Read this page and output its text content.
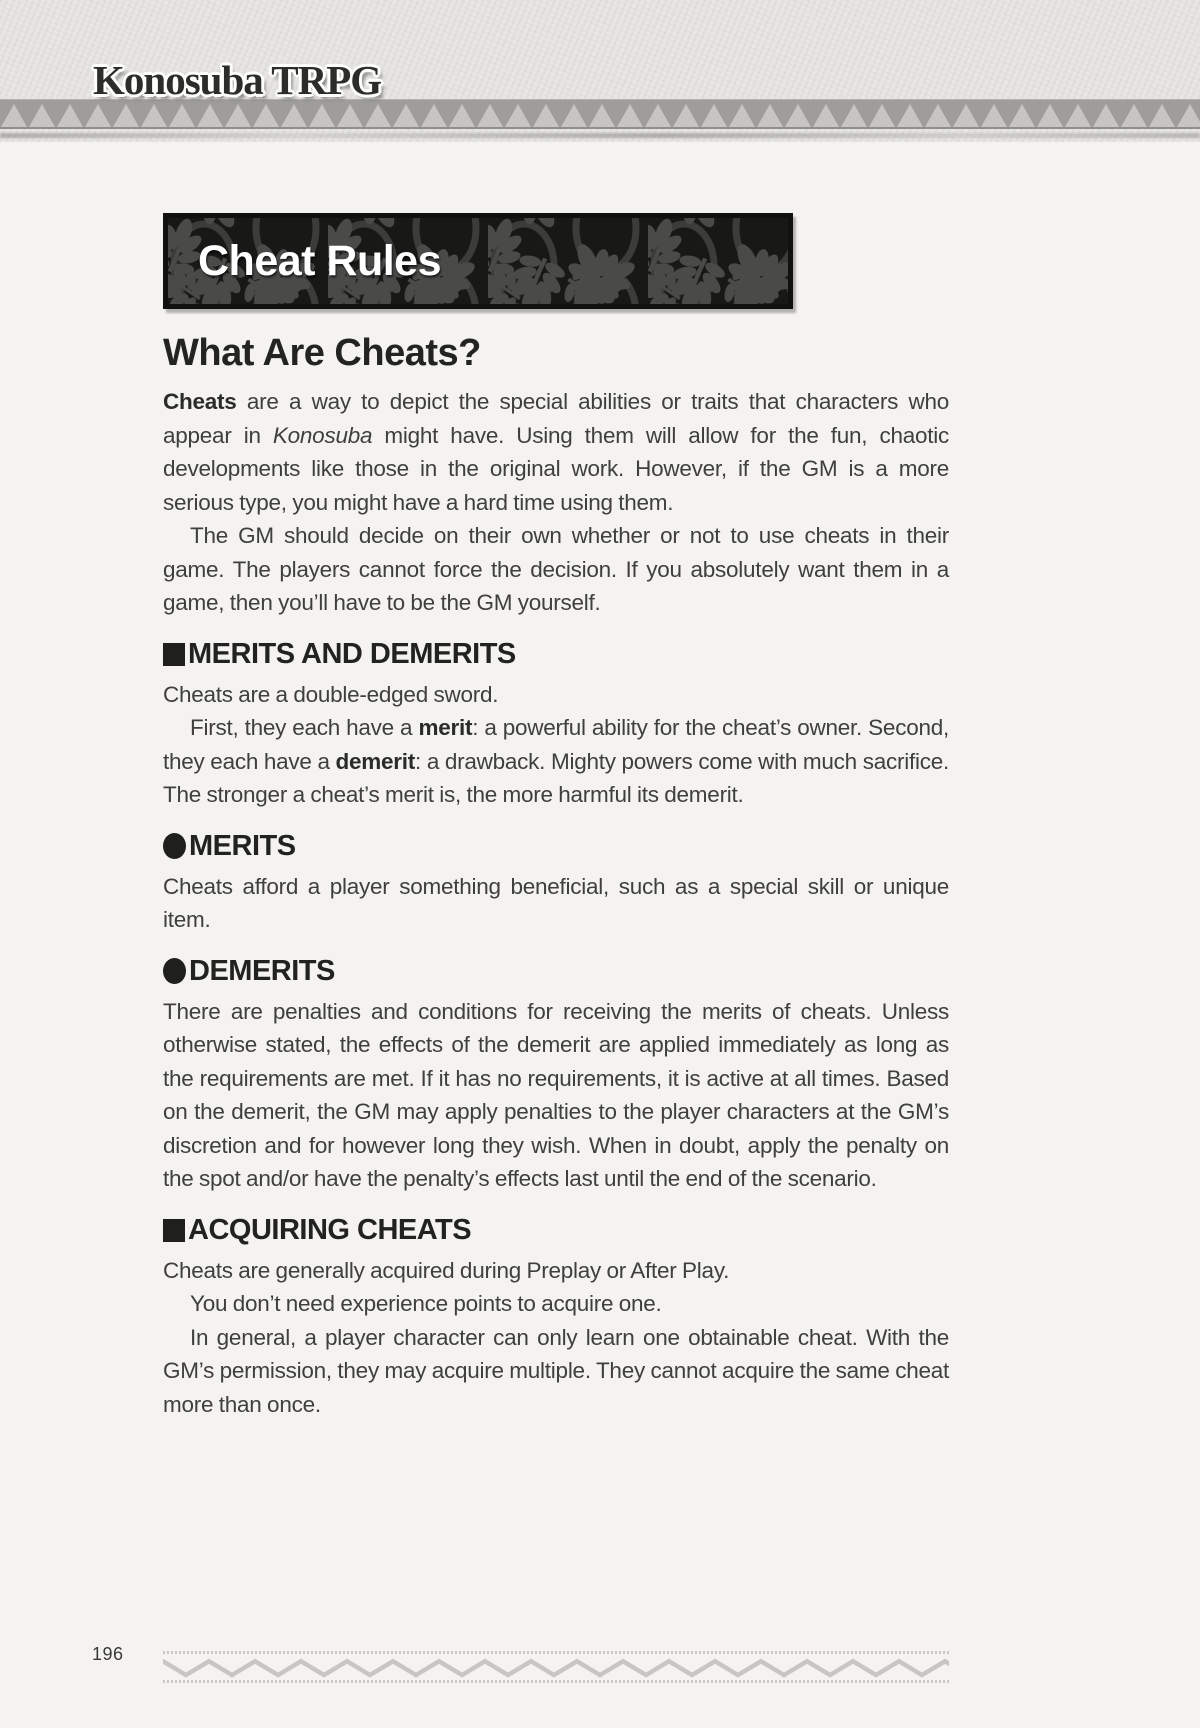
Konosuba TRPG
Cheat Rules
What Are Cheats?

Cheats are a way to depict the special abilities or traits that characters who appear in Konosuba might have. Using them will allow for the fun, chaotic developments like those in the original work. However, if the GM is a more serious type, you might have a hard time using them.

The GM should decide on their own whether or not to use cheats in their game. The players cannot force the decision. If you absolutely want them in a game, then you’ll have to be the GM yourself.

MERITS AND DEMERITS

Cheats are a double-edged sword.

First, they each have a merit: a powerful ability for the cheat’s owner. Second, they each have a demerit: a drawback. Mighty powers come with much sacrifice. The stronger a cheat’s merit is, the more harmful its demerit.

MERITS

Cheats afford a player something beneficial, such as a special skill or unique item.

DEMERITS

There are penalties and conditions for receiving the merits of cheats. Unless otherwise stated, the effects of the demerit are applied immediately as long as the requirements are met. If it has no requirements, it is active at all times. Based on the demerit, the GM may apply penalties to the player characters at the GM’s discretion and for however long they wish. When in doubt, apply the penalty on the spot and/or have the penalty’s effects last until the end of the scenario.

ACQUIRING CHEATS

Cheats are generally acquired during Preplay or After Play.

You don’t need experience points to acquire one.

In general, a player character can only learn one obtainable cheat. With the GM’s permission, they may acquire multiple. They cannot acquire the same cheat more than once.

196
